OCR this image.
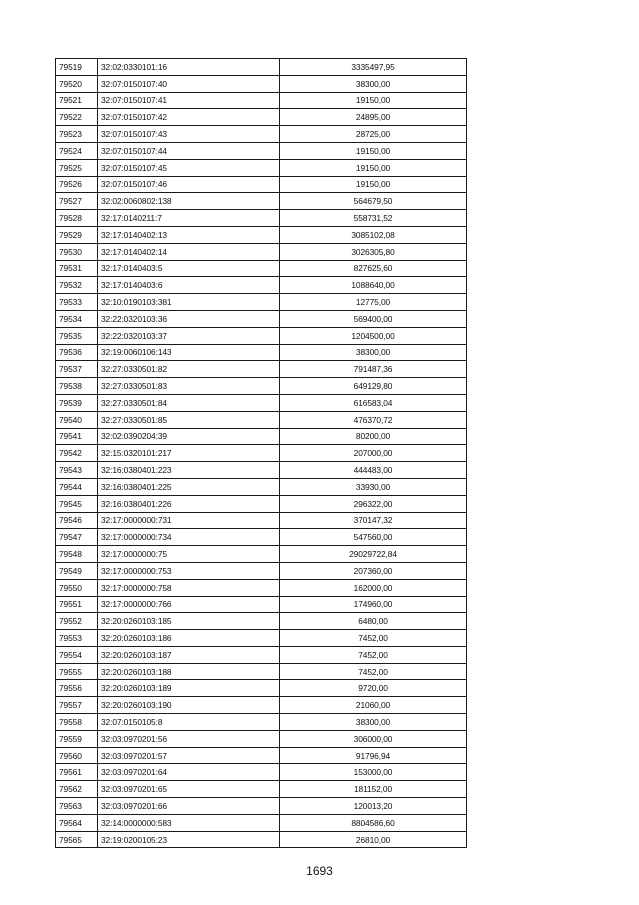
79519	32:02:0330101:16	3335497,95
79520	32:07:0150107:40	38300,00
79521	32:07:0150107:41	19150,00
79522	32:07:0150107:42	24895,00
79523	32:07:0150107:43	28725,00
79524	32:07:0150107:44	19150,00
79525	32:07:0150107:45	19150,00
79526	32:07:0150107:46	19150,00
79527	32:02:0060802:138	564679,50
79528	32:17:0140211:7	558731,52
79529	32:17:0140402:13	3085102,08
79530	32:17:0140402:14	3026305,80
79531	32:17:0140403:5	827625,60
79532	32:17:0140403:6	1088640,00
79533	32:10:0190103:381	12775,00
79534	32:22:0320103:36	569400,00
79535	32:22:0320103:37	1204500,00
79536	32:19:0060106:143	38300,00
79537	32:27:0330501:82	791487,36
79538	32:27:0330501:83	649129,80
79539	32:27:0330501:84	616583,04
79540	32:27:0330501:85	476370,72
79541	32:02:0390204:39	80200,00
79542	32:15:0320101:217	207000,00
79543	32:16:0380401:223	444483,00
79544	32:16:0380401:225	33930,00
79545	32:16:0380401:226	296322,00
79546	32:17:0000000:731	370147,32
79547	32:17:0000000:734	547560,00
79548	32:17:0000000:75	29029722,84
79549	32:17:0000000:753	207360,00
79550	32:17:0000000:758	162000,00
79551	32:17:0000000:766	174960,00
79552	32:20:0260103:185	6480,00
79553	32:20:0260103:186	7452,00
79554	32:20:0260103:187	7452,00
79555	32:20:0260103:188	7452,00
79556	32:20:0260103:189	9720,00
79557	32:20:0260103:190	21060,00
79558	32:07:0150105:8	38300,00
79559	32:03:0970201:56	306000,00
79560	32:03:0970201:57	91796,94
79561	32:03:0970201:64	153000,00
79562	32:03:0970201:65	181152,00
79563	32:03:0970201:66	120013,20
79564	32:14:0000000:583	8804586,60
79565	32:19:0200105:23	26810,00
1693
